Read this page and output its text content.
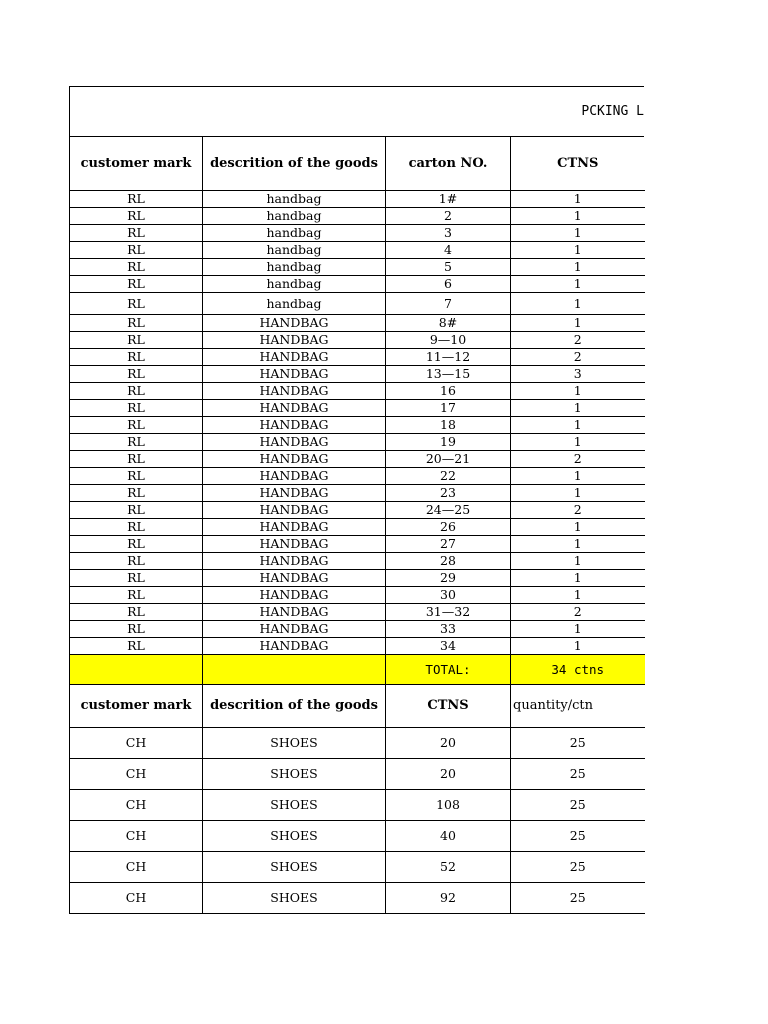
PCKING L
customer mark	descrition of the goods	carton NO.	CTNS
RL	handbag	1#	1
RL	handbag	2	1
RL	handbag	3	1
RL	handbag	4	1
RL	handbag	5	1
RL	handbag	6	1
RL	handbag	7	1
RL	HANDBAG	8#	1
RL	HANDBAG	9—10	2
RL	HANDBAG	11—12	2
RL	HANDBAG	13—15	3
RL	HANDBAG	16	1
RL	HANDBAG	17	1
RL	HANDBAG	18	1
RL	HANDBAG	19	1
RL	HANDBAG	20—21	2
RL	HANDBAG	22	1
RL	HANDBAG	23	1
RL	HANDBAG	24—25	2
RL	HANDBAG	26	1
RL	HANDBAG	27	1
RL	HANDBAG	28	1
RL	HANDBAG	29	1
RL	HANDBAG	30	1
RL	HANDBAG	31—32	2
RL	HANDBAG	33	1
RL	HANDBAG	34	1
		TOTAL:	34 ctns
customer mark	descrition of the goods	CTNS	quantity/ctn
CH	SHOES	20	25
CH	SHOES	20	25
CH	SHOES	108	25
CH	SHOES	40	25
CH	SHOES	52	25
CH	SHOES	92	25
